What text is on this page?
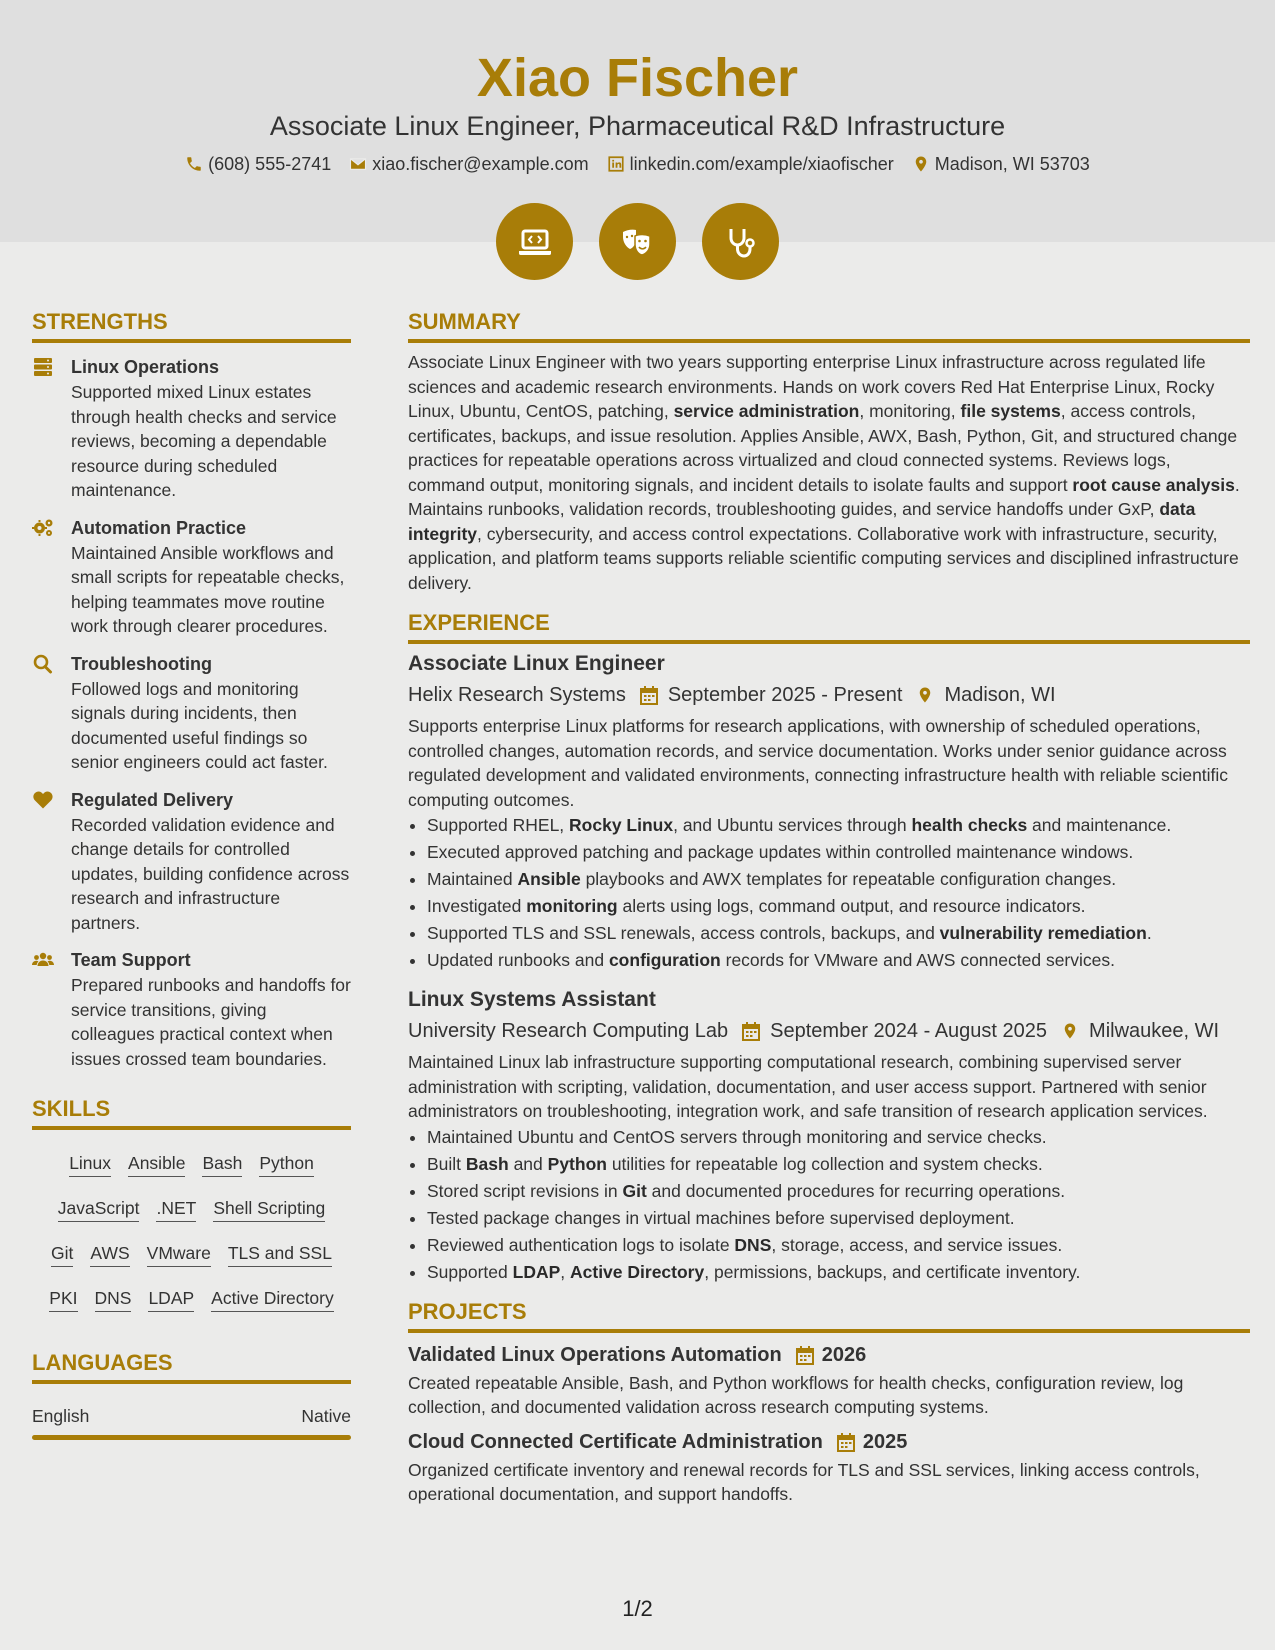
Xiao Fischer
Associate Linux Engineer, Pharmaceutical R&D Infrastructure
(608) 555-2741 xiao.fischer@example.com linkedin.com/example/xiaofischer Madison, WI 53703
STRENGTHS
Linux Operations
Supported mixed Linux estates through health checks and service reviews, becoming a dependable resource during scheduled maintenance.
Automation Practice
Maintained Ansible workflows and small scripts for repeatable checks, helping teammates move routine work through clearer procedures.
Troubleshooting
Followed logs and monitoring signals during incidents, then documented useful findings so senior engineers could act faster.
Regulated Delivery
Recorded validation evidence and change details for controlled updates, building confidence across research and infrastructure partners.
Team Support
Prepared runbooks and handoffs for service transitions, giving colleagues practical context when issues crossed team boundaries.
SKILLS
Linux Ansible Bash Python
JavaScript .NET Shell Scripting
Git AWS VMware TLS and SSL
PKI DNS LDAP Active Directory
LANGUAGES
English	Native
SUMMARY

Associate Linux Engineer with two years supporting enterprise Linux infrastructure across regulated life sciences and academic research environments. Hands on work covers Red Hat Enterprise Linux, Rocky Linux, Ubuntu, CentOS, patching, service administration, monitoring, file systems, access controls, certificates, backups, and issue resolution. Applies Ansible, AWX, Bash, Python, Git, and structured change practices for repeatable operations across virtualized and cloud connected systems. Reviews logs, command output, monitoring signals, and incident details to isolate faults and support root cause analysis. Maintains runbooks, validation records, troubleshooting guides, and service handoffs under GxP, data integrity, cybersecurity, and access control expectations. Collaborative work with infrastructure, security, application, and platform teams supports reliable scientific computing services and disciplined infrastructure delivery.

EXPERIENCE
Associate Linux Engineer
Helix Research Systems September 2025 - Present Madison, WI

Supports enterprise Linux platforms for research applications, with ownership of scheduled operations, controlled changes, automation records, and service documentation. Works under senior guidance across regulated development and validated environments, connecting infrastructure health with reliable scientific computing outcomes.

• Supported RHEL, Rocky Linux, and Ubuntu services through health checks and maintenance.
• Executed approved patching and package updates within controlled maintenance windows.
• Maintained Ansible playbooks and AWX templates for repeatable configuration changes.
• Investigated monitoring alerts using logs, command output, and resource indicators.
• Supported TLS and SSL renewals, access controls, backups, and vulnerability remediation.
• Updated runbooks and configuration records for VMware and AWS connected services.
Linux Systems Assistant
University Research Computing Lab September 2024 - August 2025 Milwaukee, WI

Maintained Linux lab infrastructure supporting computational research, combining supervised server administration with scripting, validation, documentation, and user access support. Partnered with senior administrators on troubleshooting, integration work, and safe transition of research application services.

• Maintained Ubuntu and CentOS servers through monitoring and service checks.
• Built Bash and Python utilities for repeatable log collection and system checks.
• Stored script revisions in Git and documented procedures for recurring operations.
• Tested package changes in virtual machines before supervised deployment.
• Reviewed authentication logs to isolate DNS, storage, access, and service issues.
• Supported LDAP, Active Directory, permissions, backups, and certificate inventory.
PROJECTS
Validated Linux Operations Automation 2026

Created repeatable Ansible, Bash, and Python workflows for health checks, configuration review, log collection, and documented validation across research computing systems.

Cloud Connected Certificate Administration 2025

Organized certificate inventory and renewal records for TLS and SSL services, linking access controls, operational documentation, and support handoffs.

1/2
